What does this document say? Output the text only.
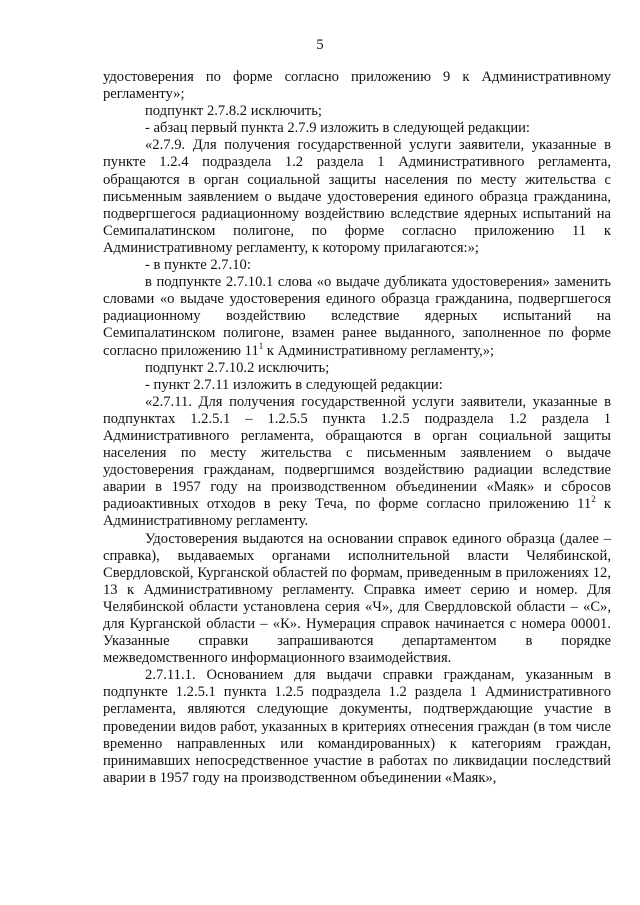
5

удостоверения по форме согласно приложению 9 к Административному регламенту»;

подпункт 2.7.8.2 исключить;

- абзац первый пункта 2.7.9 изложить в следующей редакции:

«2.7.9. Для получения государственной услуги заявители, указанные в пункте 1.2.4 подраздела 1.2 раздела 1 Административного регламента, обращаются в орган социальной защиты населения по месту жительства с письменным заявлением о выдаче удостоверения единого образца гражданина, подвергшегося радиационному воздействию вследствие ядерных испытаний на Семипалатинском полигоне, по форме согласно приложению 11 к Административному регламенту, к которому прилагаются:»;

- в пункте 2.7.10:

в подпункте 2.7.10.1 слова «о выдаче дубликата удостоверения» заменить словами «о выдаче удостоверения единого образца гражданина, подвергшегося радиационному воздействию вследствие ядерных испытаний на Семипалатинском полигоне, взамен ранее выданного, заполненное по форме согласно приложению $11^1$ к Административному регламенту,»;

подпункт 2.7.10.2 исключить;

- пункт 2.7.11 изложить в следующей редакции:

«2.7.11. Для получения государственной услуги заявители, указанные в подпунктах 1.2.5.1 – 1.2.5.5 пункта 1.2.5 подраздела 1.2 раздела 1 Административного регламента, обращаются в орган социальной защиты населения по месту жительства с письменным заявлением о выдаче удостоверения гражданам, подвергшимся воздействию радиации вследствие аварии в 1957 году на производственном объединении «Маяк» и сбросов радиоактивных отходов в реку Теча, по форме согласно приложению $11^2$ к Административному регламенту.

Удостоверения выдаются на основании справок единого образца (далее – справка), выдаваемых органами исполнительной власти Челябинской, Свердловской, Курганской областей по формам, приведенным в приложениях 12, 13 к Административному регламенту. Справка имеет серию и номер. Для Челябинской области установлена серия «Ч», для Свердловской области – «С», для Курганской области – «К». Нумерация справок начинается с номера 00001. Указанные справки запрашиваются департаментом в порядке межведомственного информационного взаимодействия.

2.7.11.1. Основанием для выдачи справки гражданам, указанным в подпункте 1.2.5.1 пункта 1.2.5 подраздела 1.2 раздела 1 Административного регламента, являются следующие документы, подтверждающие участие в проведении видов работ, указанных в критериях отнесения граждан (в том числе временно направленных или командированных) к категориям граждан, принимавших непосредственное участие в работах по ликвидации последствий аварии в 1957 году на производственном объединении «Маяк»,
